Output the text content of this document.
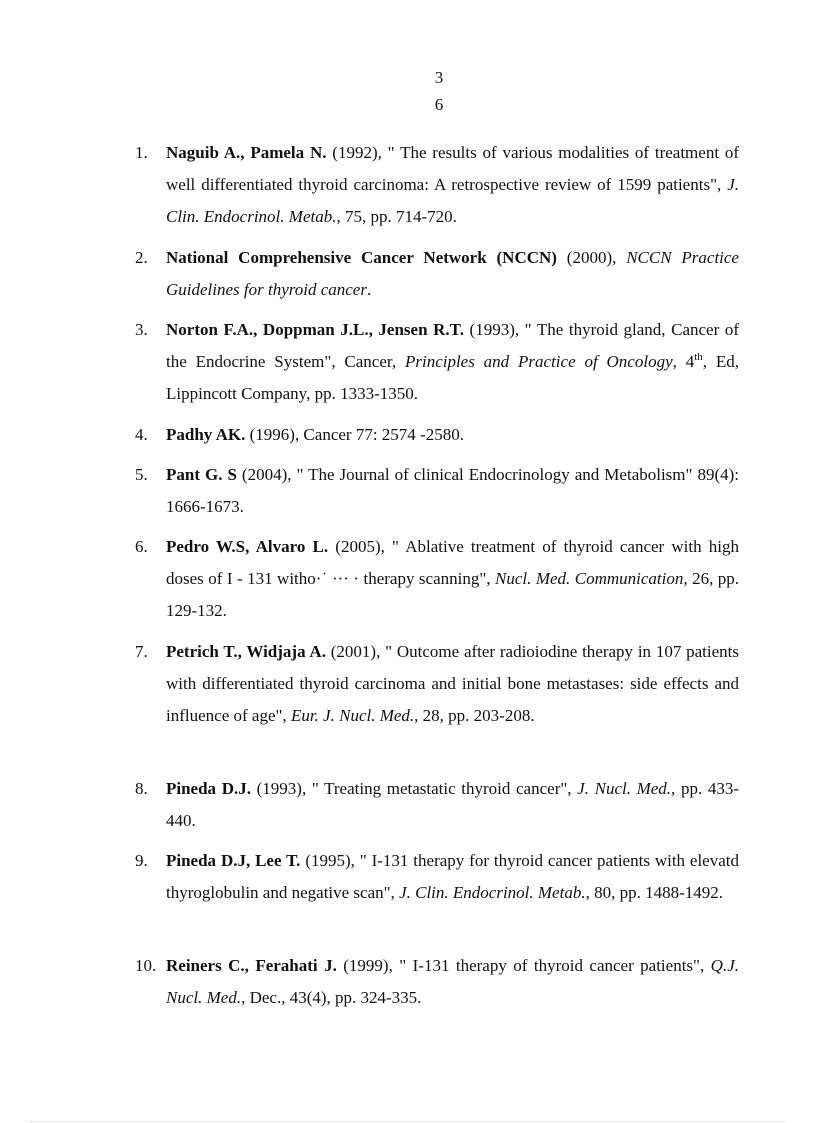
3
6
1. Naguib A., Pamela N. (1992), " The results of various modalities of treatment of well differentiated thyroid carcinoma: A retrospective review of 1599 patients", J. Clin. Endocrinol. Metab., 75, pp. 714-720.
2. National Comprehensive Cancer Network (NCCN) (2000), NCCN Practice Guidelines for thyroid cancer.
3. Norton F.A., Doppman J.L., Jensen R.T. (1993), " The thyroid gland, Cancer of the Endocrine System", Cancer, Principles and Practice of Oncology, 4th, Ed, Lippincott Company, pp. 1333-1350.
4. Padhy AK. (1996), Cancer 77: 2574 -2580.
5. Pant G. S (2004), " The Journal of clinical Endocrinology and Metabolism" 89(4): 1666-1673.
6. Pedro W.S, Alvaro L. (2005), " Ablative treatment of thyroid cancer with high doses of I - 131 witho·˙ ··· · therapy scanning", Nucl. Med. Communication, 26, pp. 129-132.
7. Petrich T., Widjaja A. (2001), " Outcome after radioiodine therapy in 107 patients with differentiated thyroid carcinoma and initial bone metastases: side effects and influence of age", Eur. J. Nucl. Med., 28, pp. 203-208.
8. Pineda D.J. (1993), " Treating metastatic thyroid cancer", J. Nucl. Med., pp. 433-440.
9. Pineda D.J, Lee T. (1995), " I-131 therapy for thyroid cancer patients with elevatd thyroglobulin and negative scan", J. Clin. Endocrinol. Metab., 80, pp. 1488-1492.
10. Reiners C., Ferahati J. (1999), " I-131 therapy of thyroid cancer patients", Q.J. Nucl. Med., Dec., 43(4), pp. 324-335.
